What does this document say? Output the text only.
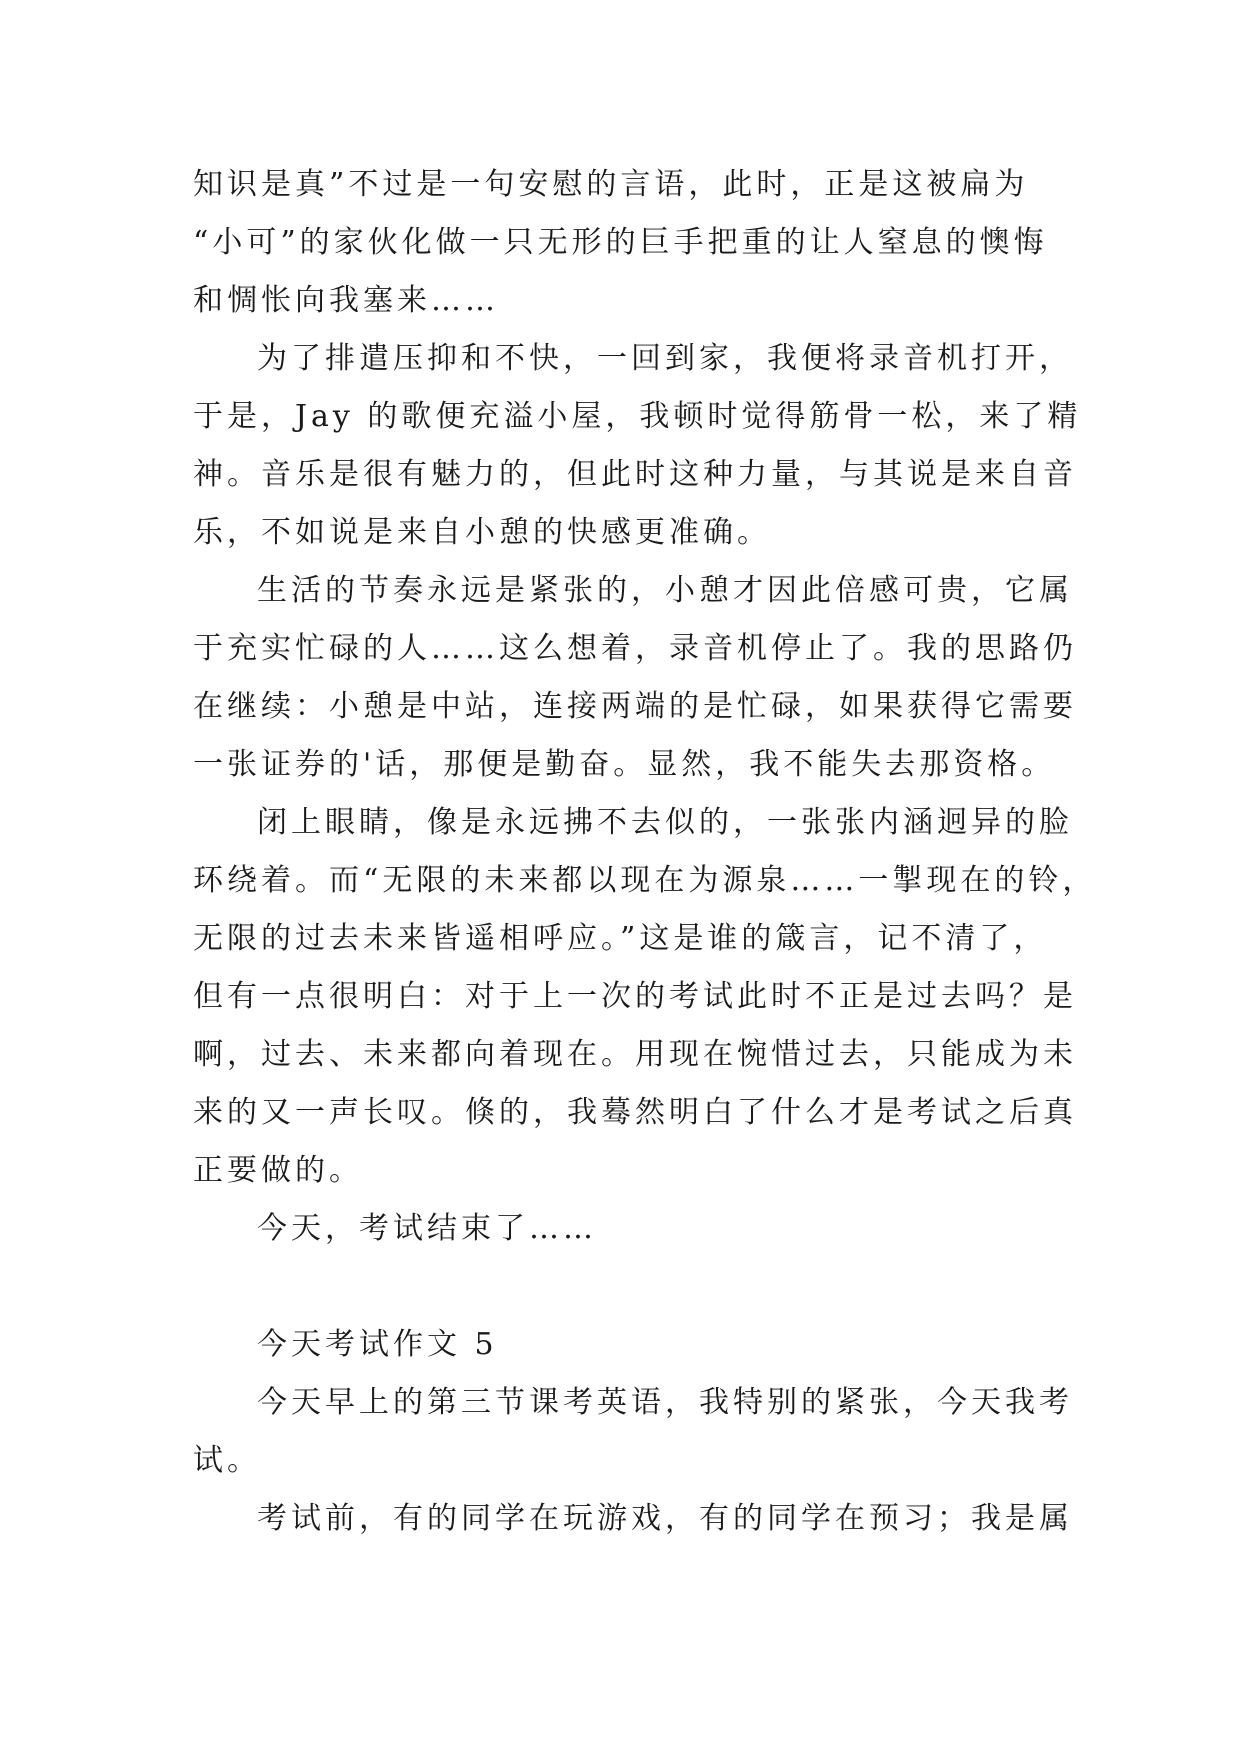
知识是真”不过是一句安慰的言语，此时，正是这被扁为
“小可”的家伙化做一只无形的巨手把重的让人窒息的懊悔
和惆怅向我塞来……

为了排遣压抑和不快，一回到家，我便将录音机打开，
于是，Jay 的歌便充溢小屋，我顿时觉得筋骨一松，来了精
神。音乐是很有魅力的，但此时这种力量，与其说是来自音
乐，不如说是来自小憩的快感更准确。

生活的节奏永远是紧张的，小憩才因此倍感可贵，它属
于充实忙碌的人……这么想着，录音机停止了。我的思路仍
在继续：小憩是中站，连接两端的是忙碌，如果获得它需要
一张证券的'话，那便是勤奋。显然，我不能失去那资格。

闭上眼睛，像是永远拂不去似的，一张张内涵迥异的脸
环绕着。而“无限的未来都以现在为源泉……一掣现在的铃，
无限的过去未来皆遥相呼应。”这是谁的箴言，记不清了，
但有一点很明白：对于上一次的考试此时不正是过去吗？是
啊，过去、未来都向着现在。用现在惋惜过去，只能成为未
来的又一声长叹。倏的，我蓦然明白了什么才是考试之后真
正要做的。

今天，考试结束了……

今天考试作文 5

今天早上的第三节课考英语，我特别的紧张，今天我考
试。

考试前，有的同学在玩游戏，有的同学在预习；我是属
